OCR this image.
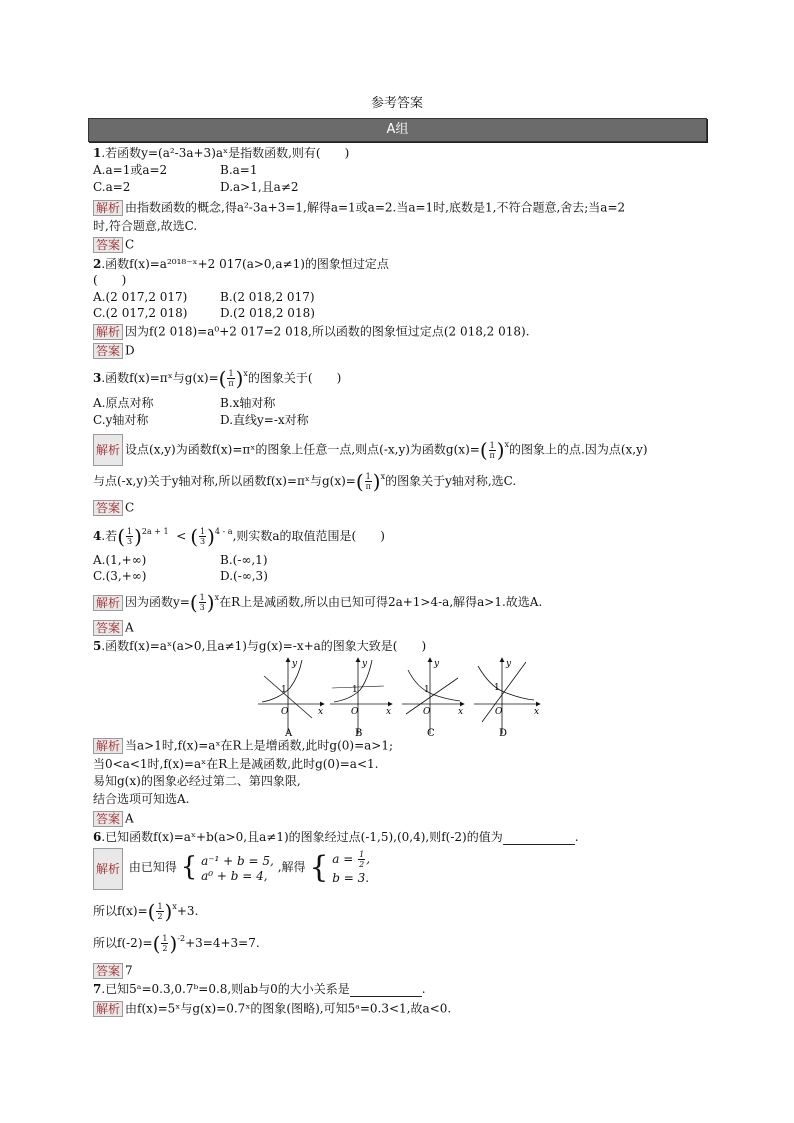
参考答案
A组
1.若函数y=(a²-3a+3)aˣ是指数函数,则有(　　)
A.a=1或a=2	B.a=1
C.a=2	D.a>1,且a≠2
解析 由指数函数的概念,得a²-3a+3=1,解得a=1或a=2.当a=1时,底数是1,不符合题意,舍去;当a=2
时,符合题意,故选C.
答案 C
2.函数f(x)=a²⁰¹⁸⁻ˣ+2 017(a>0,a≠1)的图象恒过定点
(　　)
A.(2 017,2 017)	B.(2 018,2 017)
C.(2 017,2 018)	D.(2 018,2 018)
解析 因为f(2 018)=a⁰+2 017=2 018,所以函数的图象恒过定点(2 018,2 018).
答案 D
3.函数f(x)=πˣ与$g(x)=( \frac{1}{\pi})^x$的图象关于(　　)
A.原点对称	B.x轴对称
C.y轴对称	D.直线y=-x对称
解析 设点(x,y)为函数f(x)=πˣ的图象上任意一点,则点(-x,y)为函数$g(x)=( \frac{1}{\pi})^x$的图象上的点.因为点(x,y)
与点(-x,y)关于y轴对称,所以函数f(x)=πˣ与$g(x)=( \frac{1}{\pi})^x$的图象关于y轴对称,选C.
答案 C
4.若( $\frac{1}{3})^{2a + 1}$ < ( $\frac{1}{3})^{4 - a}$,则实数a的取值范围是(　　)
A.(1,+∞)	B.(-∞,1)
C.(3,+∞)	D.(-∞,3)
解析 因为函数$y=( \frac{1}{3})^x$在R上是减函数,所以由已知可得2a+1>4-a,解得a>1.故选A.
答案 A
5.函数f(x)=aˣ(a>0,且a≠1)与g(x)=-x+a的图象大致是(　　)
y
x
O
1
A
y
x
O
1
B
y
x
O
1
C
y
x
O
1
D
解析 当a>1时,f(x)=aˣ在R上是增函数,此时g(0)=a>1;
当0<a<1时,f(x)=aˣ在R上是减函数,此时g(0)=a<1.
易知g(x)的图象必经过第二、第四象限,
结合选项可知选A.
答案 A
6.已知函数f(x)=aˣ+b(a>0,且a≠1)的图象经过点(-1,5),(0,4),则f(-2)的值为	.
解析 由已知得 { a⁻¹ + b = 5,
a⁰ + b = 4,
,解得 { $a = \frac{1}{2}$,
b = 3.
所以$f(x)=( \frac{1}{2})^x+3$.
所以$f(-2)=( \frac{1}{2})^{-2}+3=4+3=7$.
答案 7
7.已知5ᵃ=0.3,0.7ᵇ=0.8,则ab与0的大小关系是	.
解析 由f(x)=5ˣ与g(x)=0.7ˣ的图象(图略),可知5ᵃ=0.3<1,故a<0.
